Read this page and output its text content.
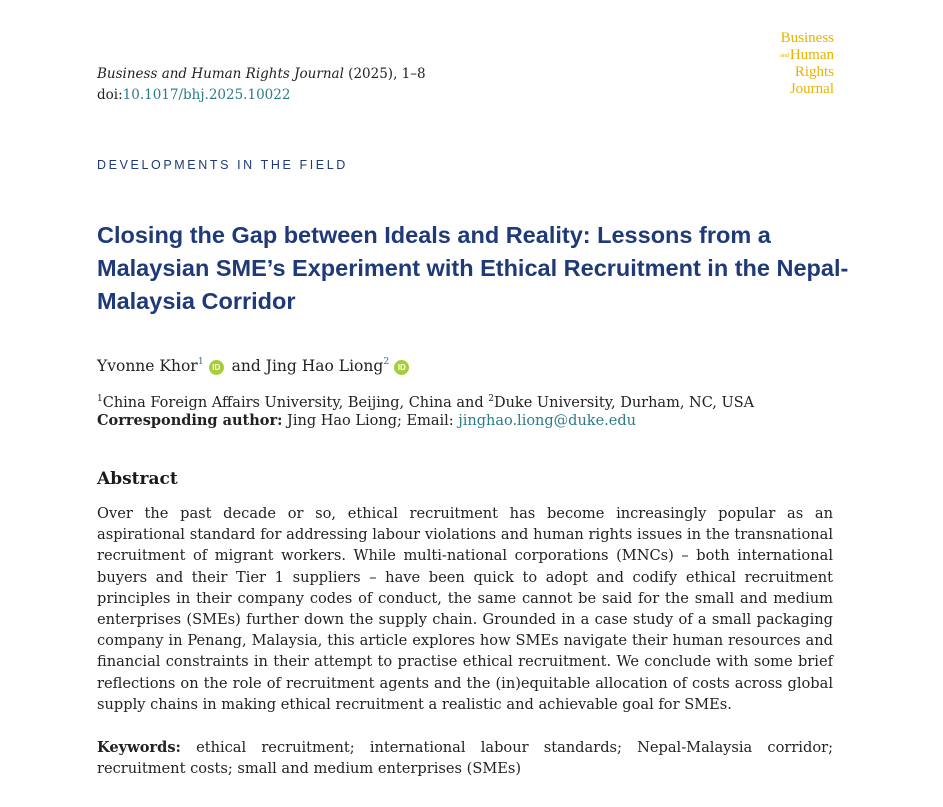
Business and Human Rights Journal (2025), 1–8
doi:10.1017/bhj.2025.10022
Business
andHuman
Rights
Journal
DEVELOPMENTS IN THE FIELD
Closing the Gap between Ideals and Reality: Lessons from a Malaysian SME’s Experiment with Ethical Recruitment in the Nepal-Malaysia Corridor
Yvonne Khor$^1$ID and Jing Hao Liong$^2$ID
$^1$China Foreign Affairs University, Beijing, China and $^2$Duke University, Durham, NC, USA
Corresponding author: Jing Hao Liong; Email: jinghao.liong@duke.edu
Abstract

Over the past decade or so, ethical recruitment has become increasingly popular as an aspirational standard for addressing labour violations and human rights issues in the transnational recruitment of migrant workers. While multi-national corporations (MNCs) – both international buyers and their Tier 1 suppliers – have been quick to adopt and codify ethical recruitment principles in their company codes of conduct, the same cannot be said for the small and medium enterprises (SMEs) further down the supply chain. Grounded in a case study of a small packaging company in Penang, Malaysia, this article explores how SMEs navigate their human resources and financial constraints in their attempt to practise ethical recruitment. We conclude with some brief reflections on the role of recruitment agents and the (in)equitable allocation of costs across global supply chains in making ethical recruitment a realistic and achievable goal for SMEs.

Keywords: ethical recruitment; international labour standards; Nepal-Malaysia corridor; recruitment costs; small and medium enterprises (SMEs)
